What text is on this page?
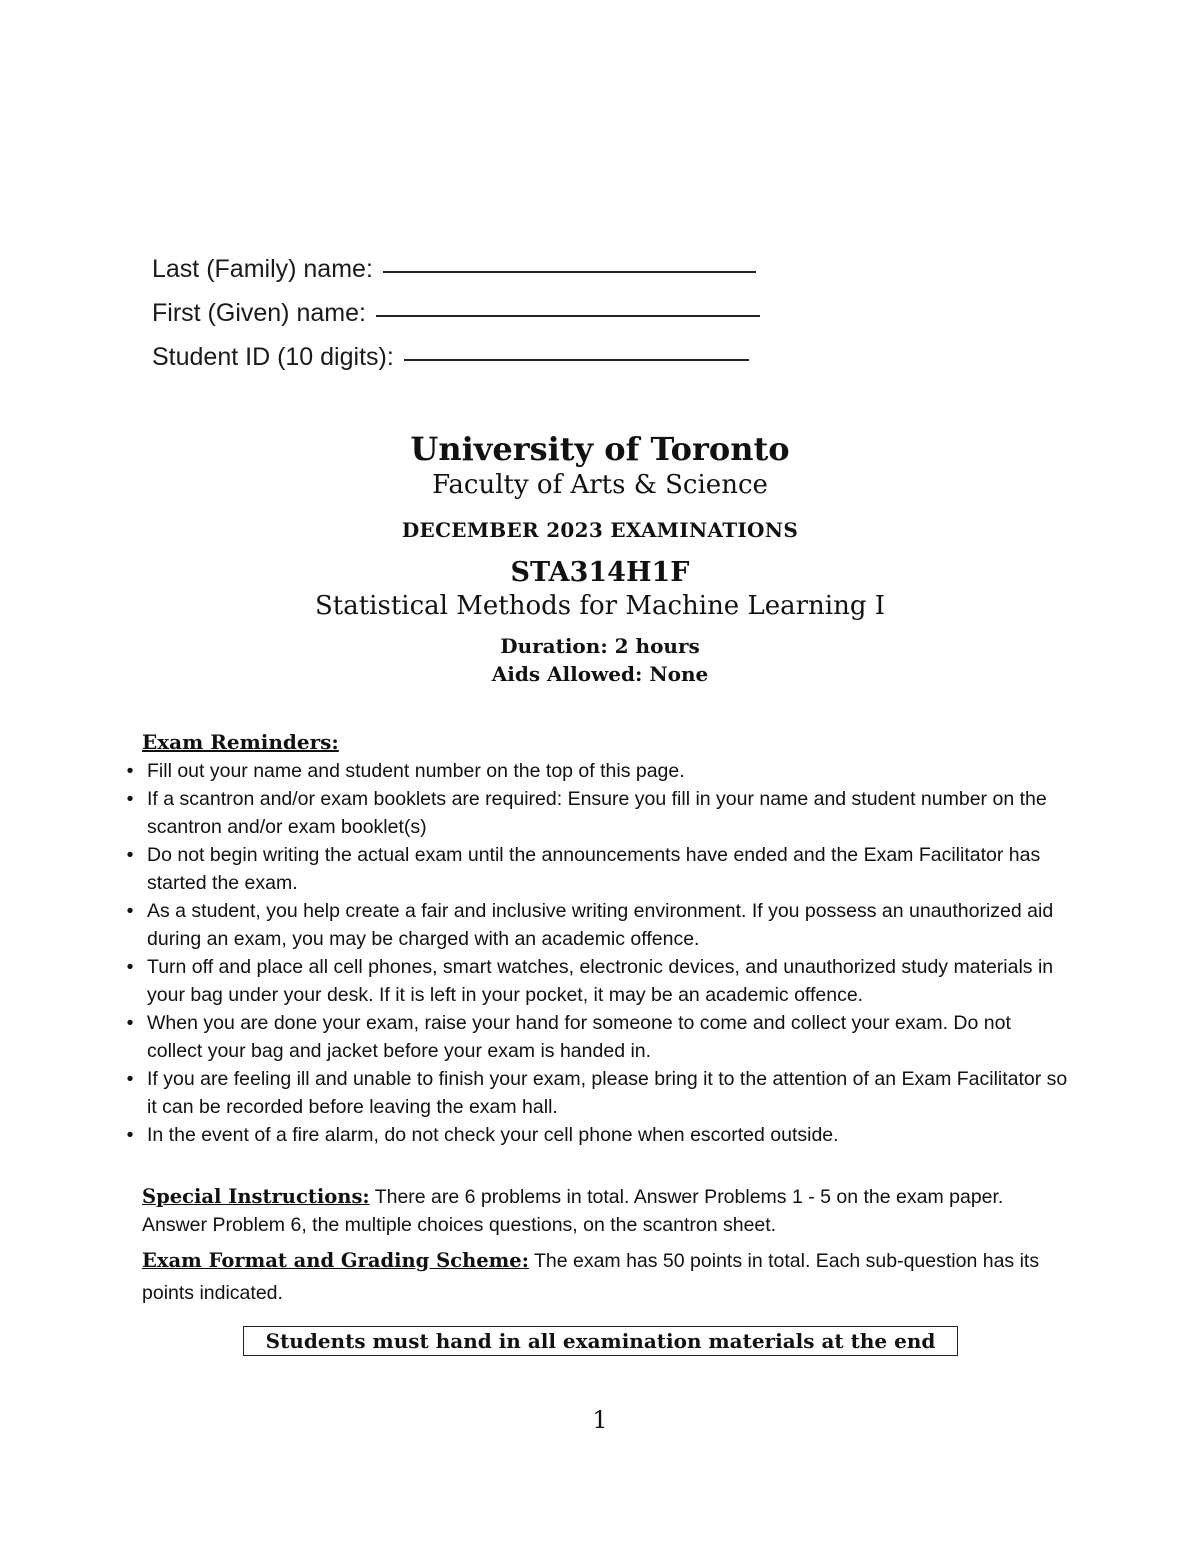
Last (Family) name:
First (Given) name:
Student ID (10 digits):
University of Toronto
Faculty of Arts & Science
DECEMBER 2023 EXAMINATIONS
STA314H1F
Statistical Methods for Machine Learning I
Duration: 2 hours
Aids Allowed: None
Exam Reminders:
• Fill out your name and student number on the top of this page.
• If a scantron and/or exam booklets are required: Ensure you fill in your name and student number on the scantron and/or exam booklet(s)
• Do not begin writing the actual exam until the announcements have ended and the Exam Facilitator has started the exam.
• As a student, you help create a fair and inclusive writing environment. If you possess an unauthorized aid during an exam, you may be charged with an academic offence.
• Turn off and place all cell phones, smart watches, electronic devices, and unauthorized study materials in your bag under your desk. If it is left in your pocket, it may be an academic offence.
• When you are done your exam, raise your hand for someone to come and collect your exam. Do not collect your bag and jacket before your exam is handed in.
• If you are feeling ill and unable to finish your exam, please bring it to the attention of an Exam Facilitator so it can be recorded before leaving the exam hall.
• In the event of a fire alarm, do not check your cell phone when escorted outside.
Special Instructions: There are 6 problems in total. Answer Problems 1 - 5 on the exam paper. Answer Problem 6, the multiple choices questions, on the scantron sheet.
Exam Format and Grading Scheme: The exam has 50 points in total. Each sub-question has its points indicated.
Students must hand in all examination materials at the end
1
